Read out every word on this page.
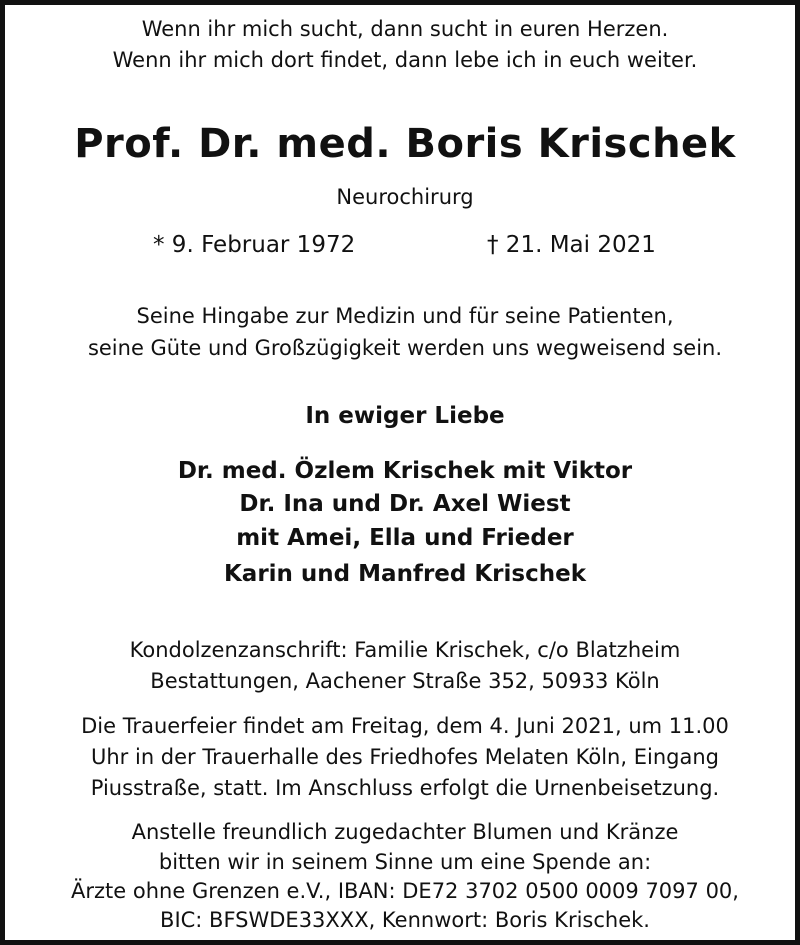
Wenn ihr mich sucht, dann sucht in euren Herzen.
Wenn ihr mich dort findet, dann lebe ich in euch weiter.
Prof. Dr. med. Boris Krischek
Neurochirurg
* 9. Februar 1972	† 21. Mai 2021
Seine Hingabe zur Medizin und für seine Patienten,
seine Güte und Großzügigkeit werden uns wegweisend sein.
In ewiger Liebe
Dr. med. Özlem Krischek mit Viktor
Dr. Ina und Dr. Axel Wiest
mit Amei, Ella und Frieder
Karin und Manfred Krischek
Kondolzenzanschrift: Familie Krischek, c/o Blatzheim
Bestattungen, Aachener Straße 352, 50933 Köln
Die Trauerfeier findet am Freitag, dem 4. Juni 2021, um 11.00
Uhr in der Trauerhalle des Friedhofes Melaten Köln, Eingang
Piusstraße, statt. Im Anschluss erfolgt die Urnenbeisetzung.
Anstelle freundlich zugedachter Blumen und Kränze
bitten wir in seinem Sinne um eine Spende an:
Ärzte ohne Grenzen e.V., IBAN: DE72 3702 0500 0009 7097 00,
BIC: BFSWDE33XXX, Kennwort: Boris Krischek.
